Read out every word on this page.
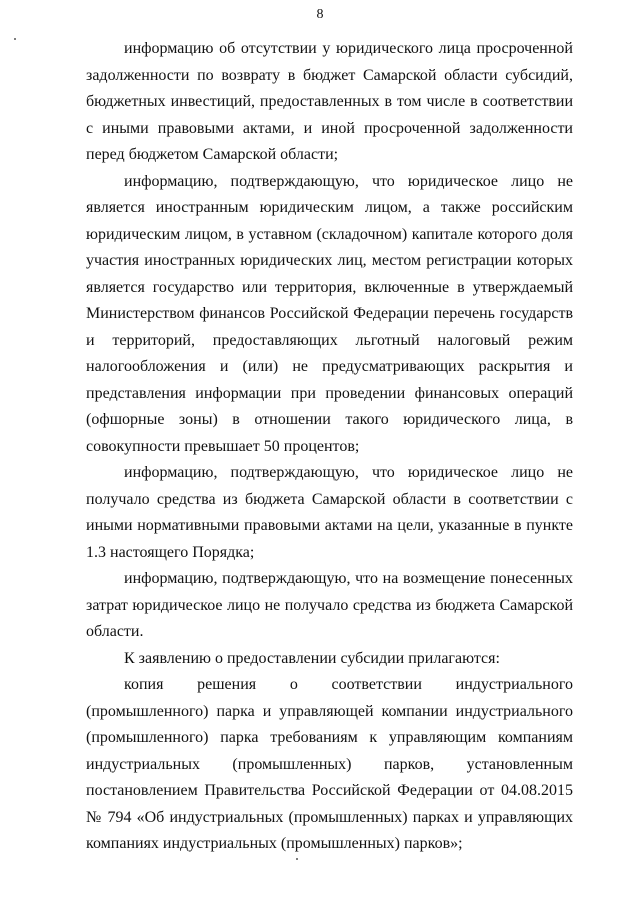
8

информацию об отсутствии у юридического лица просроченной задолженности по возврату в бюджет Самарской области субсидий, бюджетных инвестиций, предоставленных в том числе в соответствии с иными правовыми актами, и иной просроченной задолженности перед бюджетом Самарской области;

информацию, подтверждающую, что юридическое лицо не является иностранным юридическим лицом, а также российским юридическим лицом, в уставном (складочном) капитале которого доля участия иностранных юридических лиц, местом регистрации которых является государство или территория, включенные в утверждаемый Министерством финансов Российской Федерации перечень государств и территорий, предоставляющих льготный налоговый режим налогообложения и (или) не предусматривающих раскрытия и представления информации при проведении финансовых операций (офшорные зоны) в отношении такого юридического лица, в совокупности превышает 50 процентов;

информацию, подтверждающую, что юридическое лицо не получало средства из бюджета Самарской области в соответствии с иными нормативными правовыми актами на цели, указанные в пункте 1.3 настоящего Порядка;

информацию, подтверждающую, что на возмещение понесенных затрат юридическое лицо не получало средства из бюджета Самарской области.

К заявлению о предоставлении субсидии прилагаются:

копия решения о соответствии индустриального (промышленного) парка и управляющей компании индустриального (промышленного) парка требованиям к управляющим компаниям индустриальных (промышленных) парков, установленным постановлением Правительства Российской Федерации от 04.08.2015 № 794 «Об индустриальных (промышленных) парках и управляющих компаниях индустриальных (промышленных) парков»;
